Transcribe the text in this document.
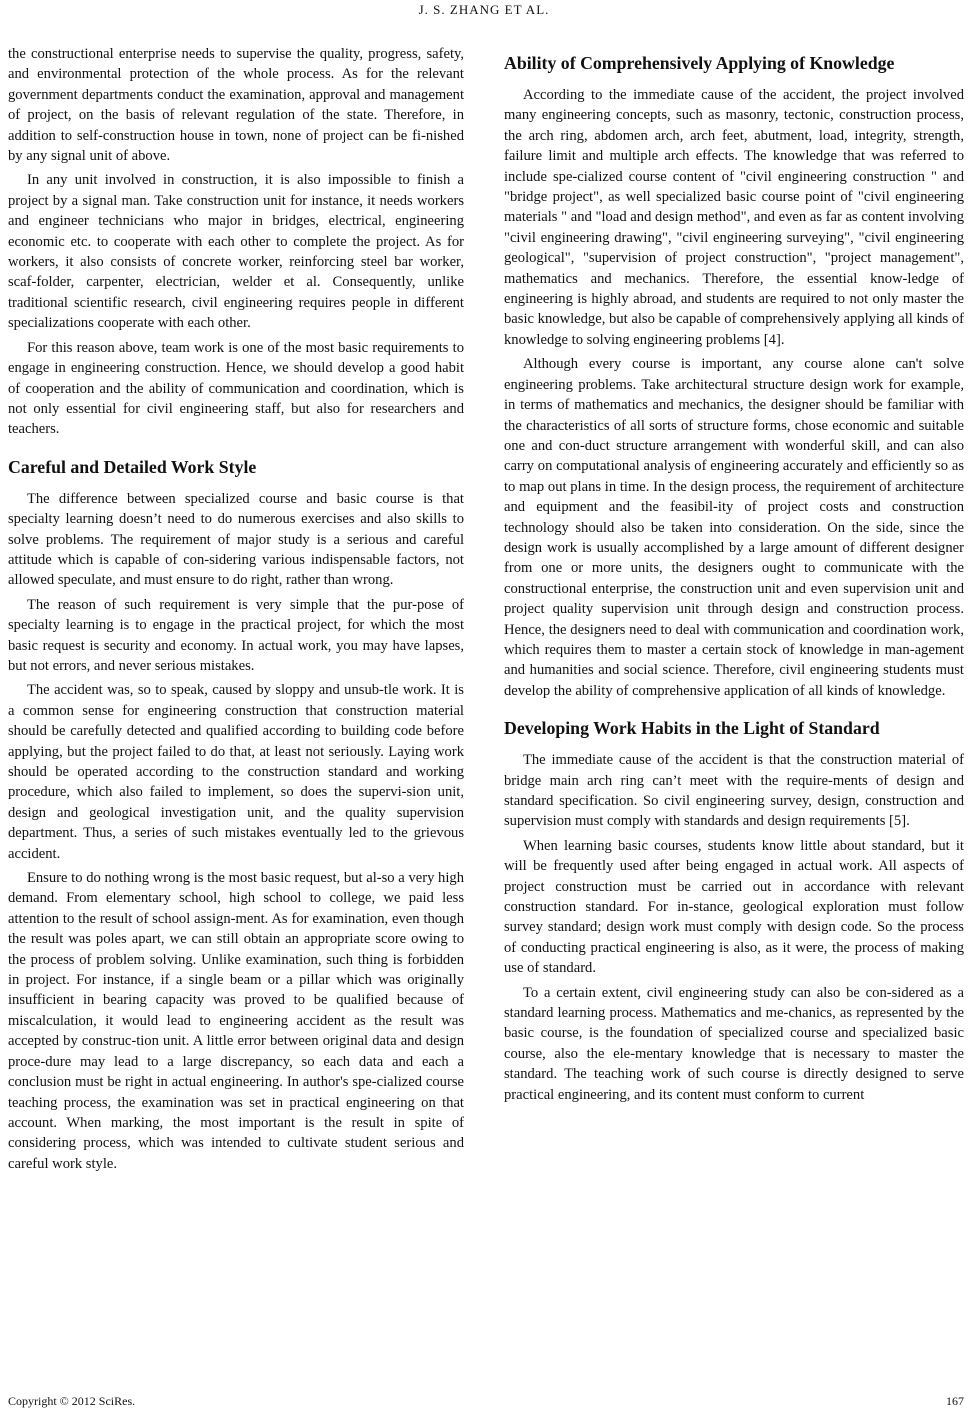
J. S. ZHANG ET AL.

the constructional enterprise needs to supervise the quality, progress, safety, and environmental protection of the whole process. As for the relevant government departments conduct the examination, approval and management of project, on the basis of relevant regulation of the state. Therefore, in addition to self-construction house in town, none of project can be fi-nished by any signal unit of above.

In any unit involved in construction, it is also impossible to finish a project by a signal man. Take construction unit for instance, it needs workers and engineer technicians who major in bridges, electrical, engineering economic etc. to cooperate with each other to complete the project. As for workers, it also consists of concrete worker, reinforcing steel bar worker, scaf-folder, carpenter, electrician, welder et al. Consequently, unlike traditional scientific research, civil engineering requires people in different specializations cooperate with each other.

For this reason above, team work is one of the most basic requirements to engage in engineering construction. Hence, we should develop a good habit of cooperation and the ability of communication and coordination, which is not only essential for civil engineering staff, but also for researchers and teachers.

Careful and Detailed Work Style

The difference between specialized course and basic course is that specialty learning doesn’t need to do numerous exercises and also skills to solve problems. The requirement of major study is a serious and careful attitude which is capable of con-sidering various indispensable factors, not allowed speculate, and must ensure to do right, rather than wrong.

The reason of such requirement is very simple that the pur-pose of specialty learning is to engage in the practical project, for which the most basic request is security and economy. In actual work, you may have lapses, but not errors, and never serious mistakes.

The accident was, so to speak, caused by sloppy and unsub-tle work. It is a common sense for engineering construction that construction material should be carefully detected and qualified according to building code before applying, but the project failed to do that, at least not seriously. Laying work should be operated according to the construction standard and working procedure, which also failed to implement, so does the supervi-sion unit, design and geological investigation unit, and the quality supervision department. Thus, a series of such mistakes eventually led to the grievous accident.

Ensure to do nothing wrong is the most basic request, but al-so a very high demand. From elementary school, high school to college, we paid less attention to the result of school assign-ment. As for examination, even though the result was poles apart, we can still obtain an appropriate score owing to the process of problem solving. Unlike examination, such thing is forbidden in project. For instance, if a single beam or a pillar which was originally insufficient in bearing capacity was proved to be qualified because of miscalculation, it would lead to engineering accident as the result was accepted by construc-tion unit. A little error between original data and design proce-dure may lead to a large discrepancy, so each data and each a conclusion must be right in actual engineering. In author's spe-cialized course teaching process, the examination was set in practical engineering on that account. When marking, the most important is the result in spite of considering process, which was intended to cultivate student serious and careful work style.

Ability of Comprehensively Applying of Knowledge

According to the immediate cause of the accident, the project involved many engineering concepts, such as masonry, tectonic, construction process, the arch ring, abdomen arch, arch feet, abutment, load, integrity, strength, failure limit and multiple arch effects. The knowledge that was referred to include spe-cialized course content of "civil engineering construction " and "bridge project", as well specialized basic course point of "civil engineering materials " and "load and design method", and even as far as content involving "civil engineering drawing", "civil engineering surveying", "civil engineering geological", "supervision of project construction", "project management", mathematics and mechanics. Therefore, the essential know-ledge of engineering is highly abroad, and students are required to not only master the basic knowledge, but also be capable of comprehensively applying all kinds of knowledge to solving engineering problems [4].

Although every course is important, any course alone can't solve engineering problems. Take architectural structure design work for example, in terms of mathematics and mechanics, the designer should be familiar with the characteristics of all sorts of structure forms, chose economic and suitable one and con-duct structure arrangement with wonderful skill, and can also carry on computational analysis of engineering accurately and efficiently so as to map out plans in time. In the design process, the requirement of architecture and equipment and the feasibil-ity of project costs and construction technology should also be taken into consideration. On the side, since the design work is usually accomplished by a large amount of different designer from one or more units, the designers ought to communicate with the constructional enterprise, the construction unit and even supervision unit and project quality supervision unit through design and construction process. Hence, the designers need to deal with communication and coordination work, which requires them to master a certain stock of knowledge in man-agement and humanities and social science. Therefore, civil engineering students must develop the ability of comprehensive application of all kinds of knowledge.

Developing Work Habits in the Light of Standard

The immediate cause of the accident is that the construction material of bridge main arch ring can’t meet with the require-ments of design and standard specification. So civil engineering survey, design, construction and supervision must comply with standards and design requirements [5].

When learning basic courses, students know little about standard, but it will be frequently used after being engaged in actual work. All aspects of project construction must be carried out in accordance with relevant construction standard. For in-stance, geological exploration must follow survey standard; design work must comply with design code. So the process of conducting practical engineering is also, as it were, the process of making use of standard.

To a certain extent, civil engineering study can also be con-sidered as a standard learning process. Mathematics and me-chanics, as represented by the basic course, is the foundation of specialized course and specialized basic course, also the ele-mentary knowledge that is necessary to master the standard. The teaching work of such course is directly designed to serve practical engineering, and its content must conform to current

Copyright © 2012 SciRes.	167
